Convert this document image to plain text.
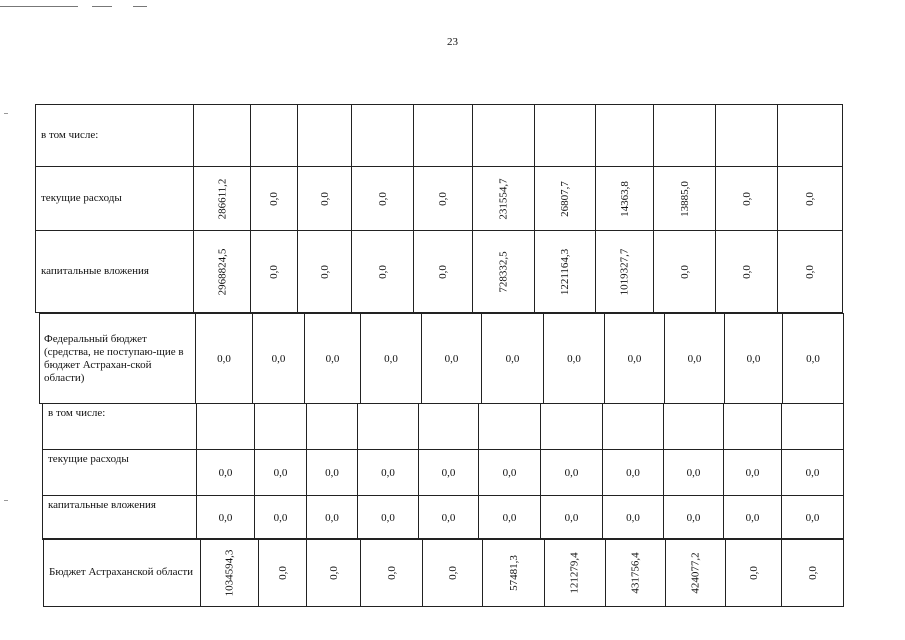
23
в том числе:											
текущие расходы	286611,2	0,0	0,0	0,0	0,0	231554,7	26807,7	14363,8	13885,0	0,0	0,0
капитальные вложения	2968824,5	0,0	0,0	0,0	0,0	728332,5	1221164,3	1019327,7	0,0	0,0	0,0
Федеральный бюджет (средства, не поступаю-щие в бюджет Астрахан-ской области)	0,0	0,0	0,0	0,0	0,0	0,0	0,0	0,0	0,0	0,0	0,0
в том числе:											
текущие расходы	0,0	0,0	0,0	0,0	0,0	0,0	0,0	0,0	0,0	0,0	0,0
капитальные вложения	0,0	0,0	0,0	0,0	0,0	0,0	0,0	0,0	0,0	0,0	0,0
Бюджет Астраханской области	1034594,3	0,0	0,0	0,0	0,0	57481,3	121279,4	431756,4	424077,2	0,0	0,0
